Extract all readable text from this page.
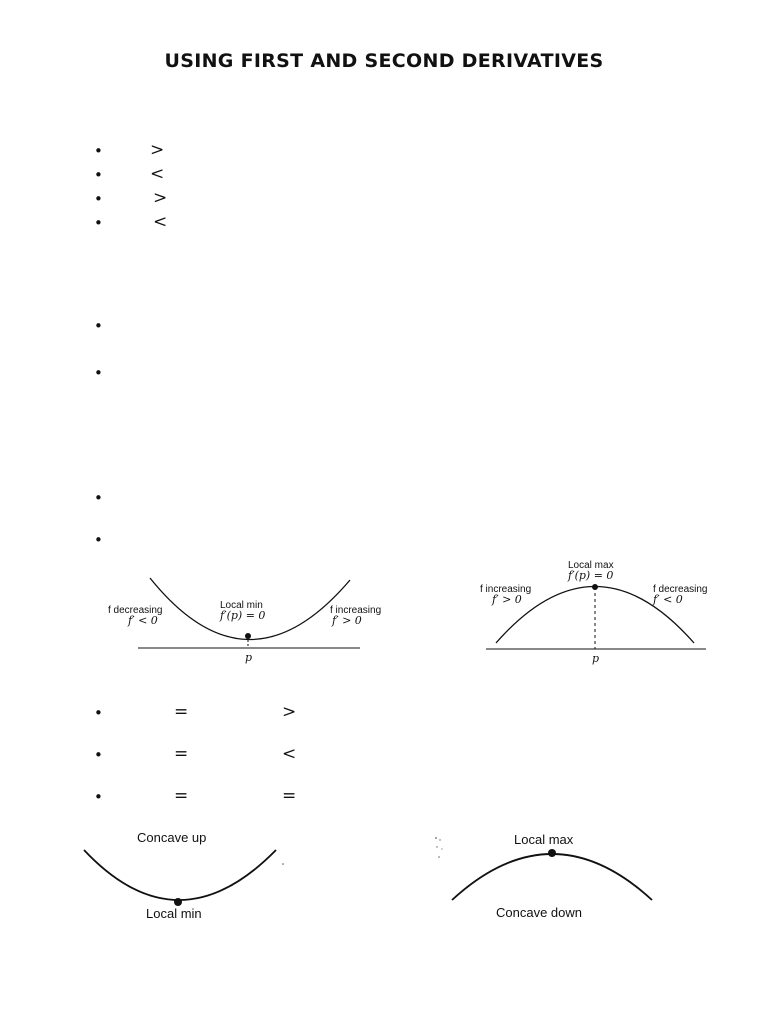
USING FIRST AND SECOND DERIVATIVES
•	>
•	<
•	>
•	<
•
•
•
•
Local min
f′(p) = 0
f decreasing
f′ < 0
f increasing
f′ > 0
p
Local max
f′(p) = 0
f increasing
f′ > 0
f decreasing
f′ < 0
p
•	=	>
•	=	<
•	=	=
Concave up
Local min
Local max
Concave down
